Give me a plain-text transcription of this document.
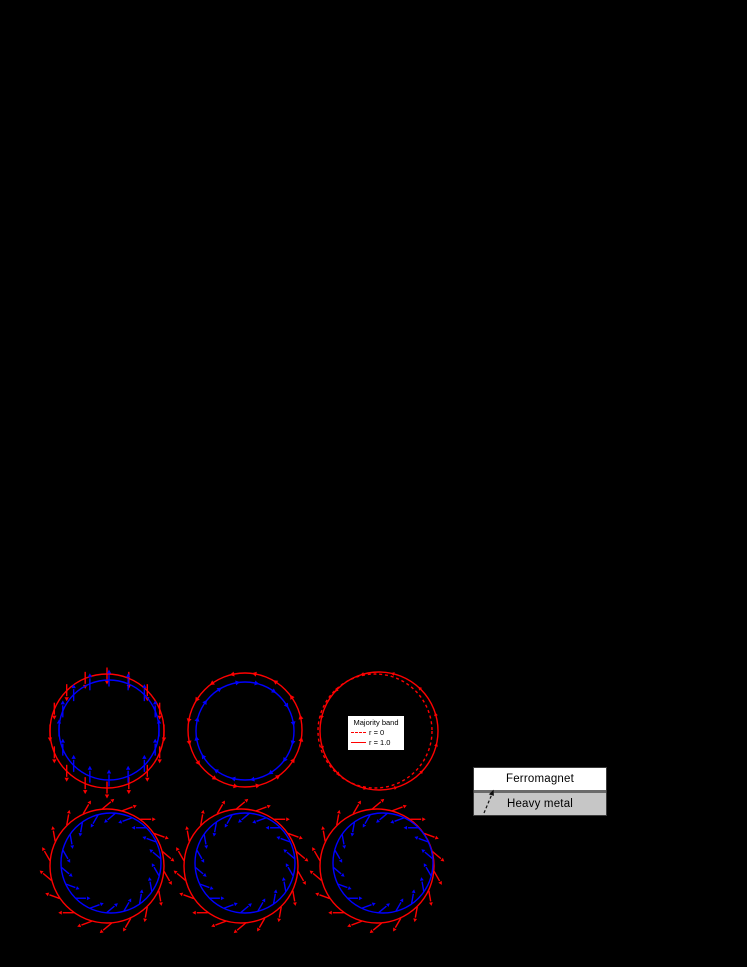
Majority band
r = 0
r = 1.0
Ferromagnet
Heavy metal
